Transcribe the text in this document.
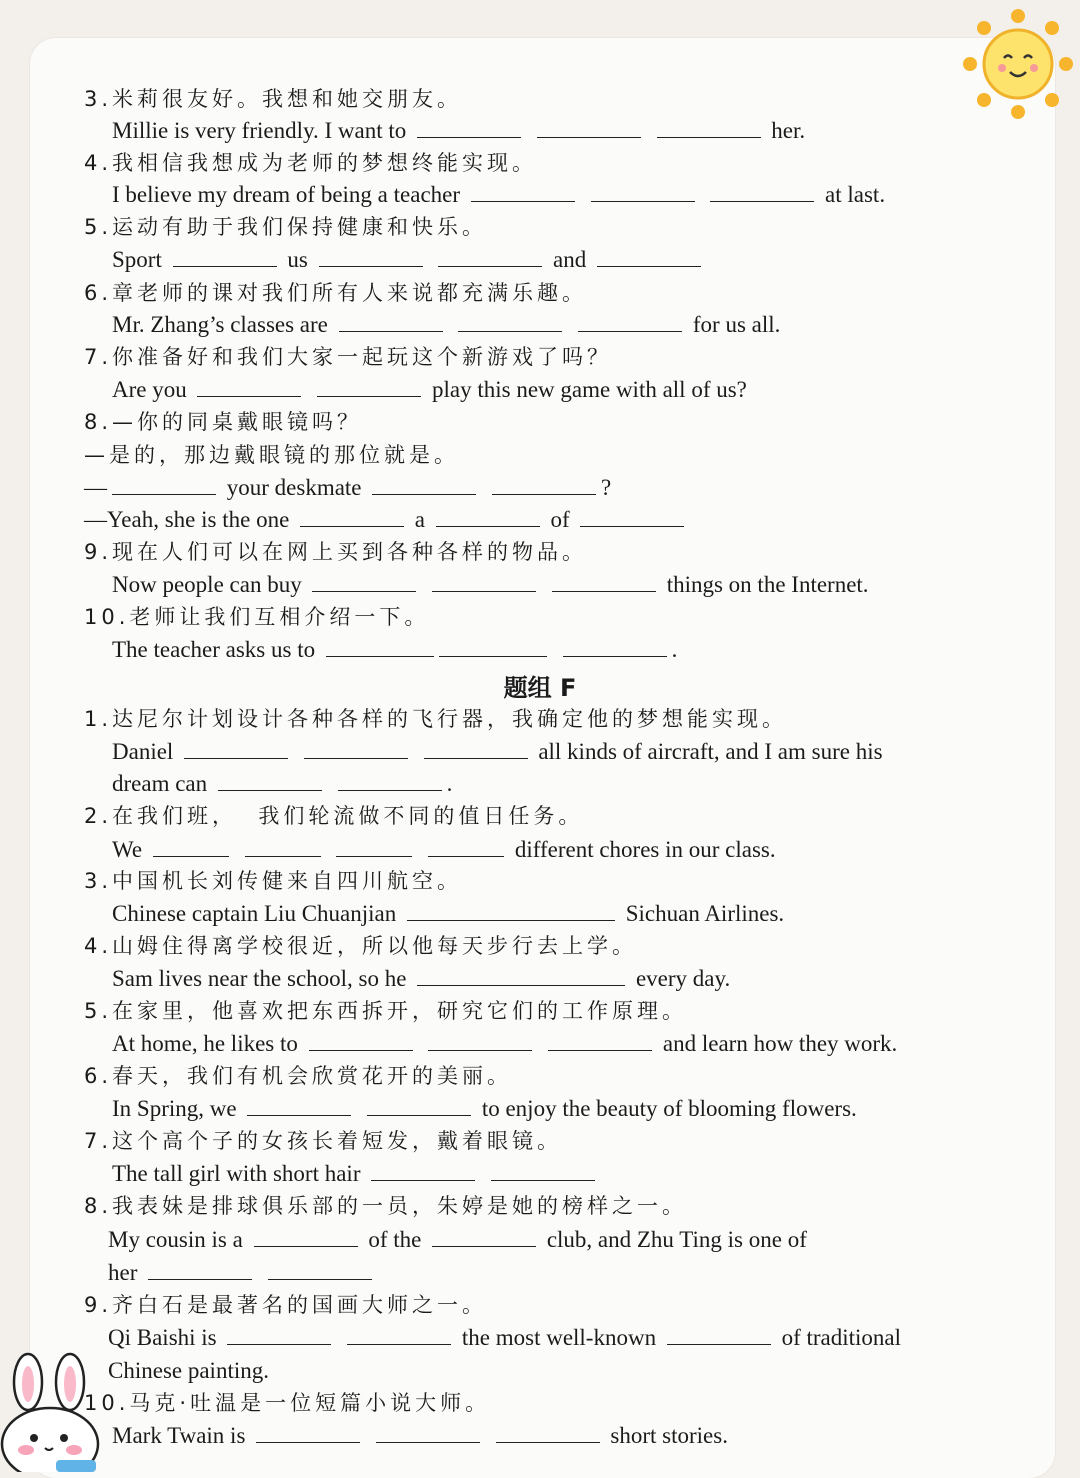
3.米莉很友好。我想和她交朋友。
Millie is very friendly. I want to	her.
4.我相信我想成为老师的梦想终能实现。
I believe my dream of being a teacher	at last.
5.运动有助于我们保持健康和快乐。
Sport	us	and
6.章老师的课对我们所有人来说都充满乐趣。
Mr. Zhang’s classes are	for us all.
7.你准备好和我们大家一起玩这个新游戏了吗？
Are you	play this new game with all of us?
8.—你的同桌戴眼镜吗？
—是的，那边戴眼镜的那位就是。
—	your deskmate	?
—Yeah, she is the one	a	of
9.现在人们可以在网上买到各种各样的物品。
Now people can buy	things on the Internet.
10.老师让我们互相介绍一下。
The teacher asks us to	.
题组 F
1.达尼尔计划设计各种各样的飞行器，我确定他的梦想能实现。
Daniel	all kinds of aircraft, and I am sure his
dream can	.
2.在我们班，  我们轮流做不同的值日任务。
We	different chores in our class.
3.中国机长刘传健来自四川航空。
Chinese captain Liu Chuanjian	Sichuan Airlines.
4.山姆住得离学校很近，所以他每天步行去上学。
Sam lives near the school, so he	every day.
5.在家里，他喜欢把东西拆开，研究它们的工作原理。
At home, he likes to	and learn how they work.
6.春天，我们有机会欣赏花开的美丽。
In Spring, we	to enjoy the beauty of blooming flowers.
7.这个高个子的女孩长着短发，戴着眼镜。
The tall girl with short hair
8.我表妹是排球俱乐部的一员，朱婷是她的榜样之一。
My cousin is a	of the	club, and Zhu Ting is one of
her
9.齐白石是最著名的国画大师之一。
Qi Baishi is	the most well-known	of traditional
Chinese painting.
10.马克·吐温是一位短篇小说大师。
Mark Twain is	short stories.
